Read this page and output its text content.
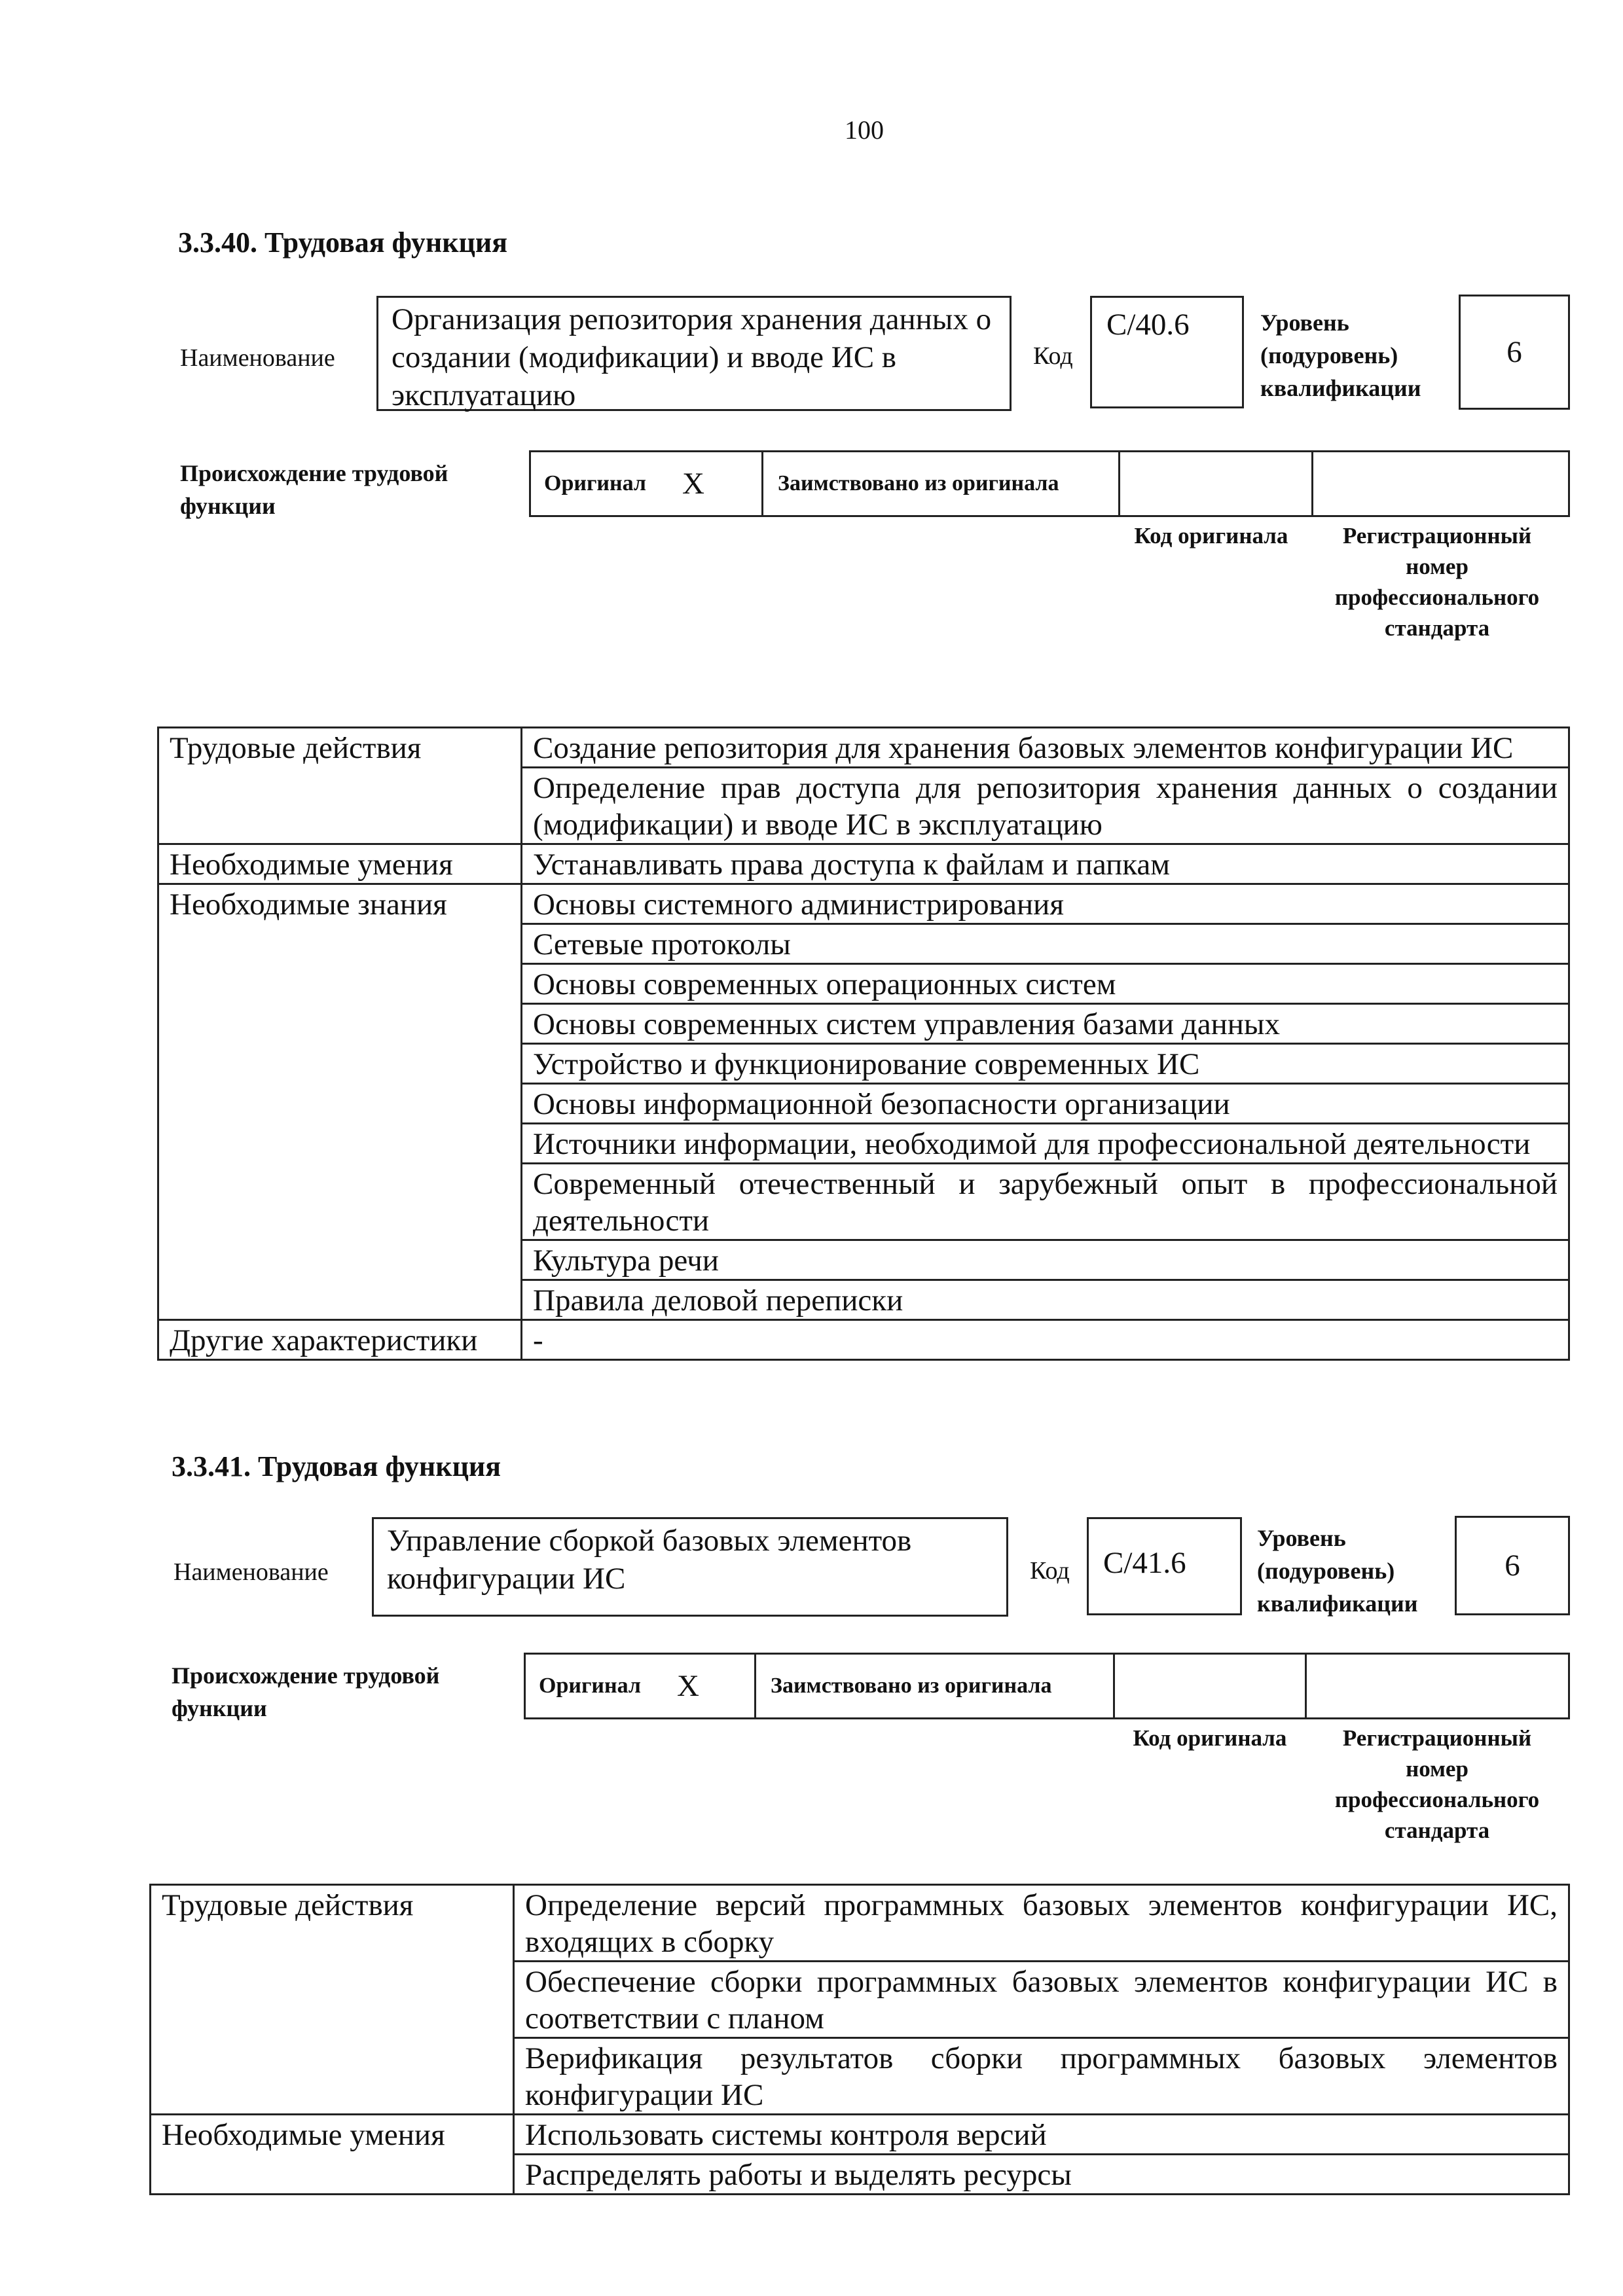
100
3.3.40. Трудовая функция
Наименование
Организация репозитория хранения данных о создании (модификации) и вводе ИС в эксплуатацию
Код
C/40.6	Уровень (подуровень) квалификации
6
Происхождение трудовой функции
Оригинал X	Заимствовано из оригинала
Код оригинала	Регистрационный номер профессионального стандарта
Трудовые действия	Создание репозитория для хранения базовых элементов конфигурации ИС
	Определение прав доступа для репозитория хранения данных о создании (модификации) и вводе ИС в эксплуатацию
Необходимые умения	Устанавливать права доступа к файлам и папкам
Необходимые знания	Основы системного администрирования
	Сетевые протоколы
	Основы современных операционных систем
	Основы современных систем управления базами данных
	Устройство и функционирование современных ИС
	Основы информационной безопасности организации
	Источники информации, необходимой для профессиональной деятельности
	Современный отечественный и зарубежный опыт в профессиональной деятельности
	Культура речи
	Правила деловой переписки
Другие характеристики	-
3.3.41. Трудовая функция
Наименование
Управление сборкой базовых элементов конфигурации ИС	Код	C/41.6
Уровень (подуровень) квалификации
6
Происхождение трудовой функции
Оригинал X	Заимствовано из оригинала
Код оригинала	Регистрационный номер профессионального стандарта
Трудовые действия	Определение версий программных базовых элементов конфигурации ИС, входящих в сборку
	Обеспечение сборки программных базовых элементов конфигурации ИС в соответствии с планом
	Верификация результатов сборки программных базовых элементов конфигурации ИС
Необходимые умения	Использовать системы контроля версий
	Распределять работы и выделять ресурсы
